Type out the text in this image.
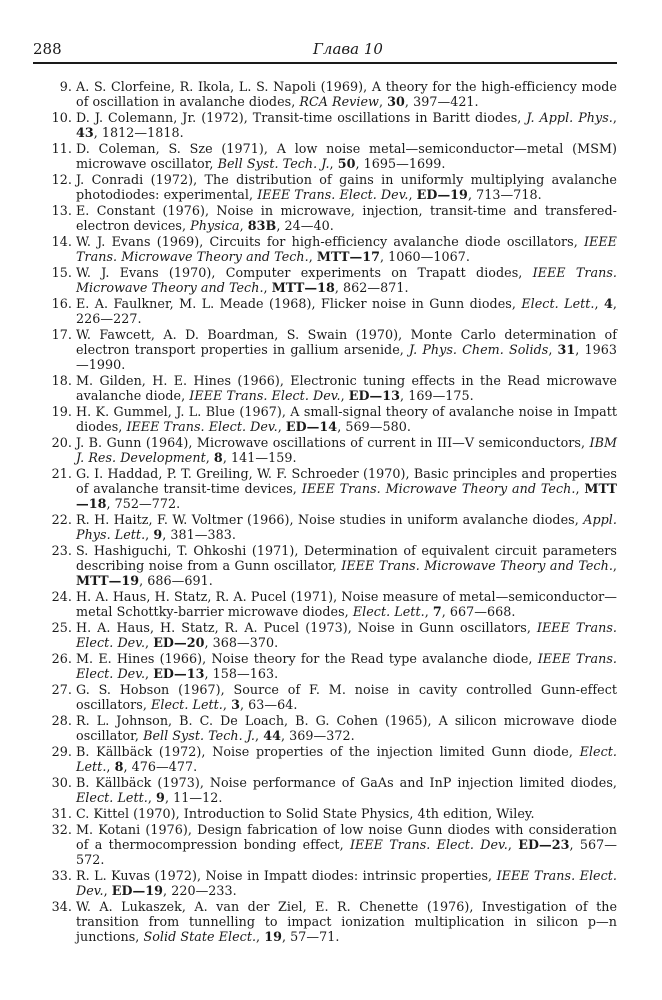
288	Глава 10
9. A. S. Clorfeine, R. Ikola, L. S. Napoli (1969), A theory for the high-efficiency mode of oscillation in avalanche diodes, RCA Review, 30, 397—421.
10. D. J. Colemann, Jr. (1972), Transit-time oscillations in Baritt diodes, J. Appl. Phys., 43, 1812—1818.
11. D. Coleman, S. Sze (1971), A low noise metal—semiconductor—metal (MSM) microwave oscillator, Bell Syst. Tech. J., 50, 1695—1699.
12. J. Conradi (1972), The distribution of gains in uniformly multiplying avalanche photodiodes: experimental, IEEE Trans. Elect. Dev., ED—19, 713—718.
13. E. Constant (1976), Noise in microwave, injection, transit-time and transfered-electron devices, Physica, 83B, 24—40.
14. W. J. Evans (1969), Circuits for high-efficiency avalanche diode oscillators, IEEE Trans. Microwave Theory and Tech., MTT—17, 1060—1067.
15. W. J. Evans (1970), Computer experiments on Trapatt diodes, IEEE Trans. Microwave Theory and Tech., MTT—18, 862—871.
16. E. A. Faulkner, M. L. Meade (1968), Flicker noise in Gunn diodes, Elect. Lett., 4, 226—227.
17. W. Fawcett, A. D. Boardman, S. Swain (1970), Monte Carlo determination of electron transport properties in gallium arsenide, J. Phys. Chem. Solids, 31, 1963—1990.
18. M. Gilden, H. E. Hines (1966), Electronic tuning effects in the Read microwave avalanche diode, IEEE Trans. Elect. Dev., ED—13, 169—175.
19. H. K. Gummel, J. L. Blue (1967), A small-signal theory of avalanche noise in Impatt diodes, IEEE Trans. Elect. Dev., ED—14, 569—580.
20. J. B. Gunn (1964), Microwave oscillations of current in III—V semiconductors, IBM J. Res. Development, 8, 141—159.
21. G. I. Haddad, P. T. Greiling, W. F. Schroeder (1970), Basic principles and properties of avalanche transit-time devices, IEEE Trans. Microwave Theory and Tech., MTT—18, 752—772.
22. R. H. Haitz, F. W. Voltmer (1966), Noise studies in uniform avalanche diodes, Appl. Phys. Lett., 9, 381—383.
23. S. Hashiguchi, T. Ohkoshi (1971), Determination of equivalent circuit parameters describing noise from a Gunn oscillator, IEEE Trans. Microwave Theory and Tech., MTT—19, 686—691.
24. H. A. Haus, H. Statz, R. A. Pucel (1971), Noise measure of metal—semiconductor—metal Schottky-barrier microwave diodes, Elect. Lett., 7, 667—668.
25. H. A. Haus, H. Statz, R. A. Pucel (1973), Noise in Gunn oscillators, IEEE Trans. Elect. Dev., ED—20, 368—370.
26. M. E. Hines (1966), Noise theory for the Read type avalanche diode, IEEE Trans. Elect. Dev., ED—13, 158—163.
27. G. S. Hobson (1967), Source of F. M. noise in cavity controlled Gunn-effect oscillators, Elect. Lett., 3, 63—64.
28. R. L. Johnson, B. C. De Loach, B. G. Cohen (1965), A silicon microwave diode oscillator, Bell Syst. Tech. J., 44, 369—372.
29. B. Källbäck (1972), Noise properties of the injection limited Gunn diode, Elect. Lett., 8, 476—477.
30. B. Källbäck (1973), Noise performance of GaAs and InP injection limited diodes, Elect. Lett., 9, 11—12.
31. C. Kittel (1970), Introduction to Solid State Physics, 4th edition, Wiley.
32. M. Kotani (1976), Design fabrication of low noise Gunn diodes with consideration of a thermocompression bonding effect, IEEE Trans. Elect. Dev., ED—23, 567—572.
33. R. L. Kuvas (1972), Noise in Impatt diodes: intrinsic properties, IEEE Trans. Elect. Dev., ED—19, 220—233.
34. W. A. Lukaszek, A. van der Ziel, E. R. Chenette (1976), Investigation of the transition from tunnelling to impact ionization multiplication in silicon p—n junctions, Solid State Elect., 19, 57—71.
